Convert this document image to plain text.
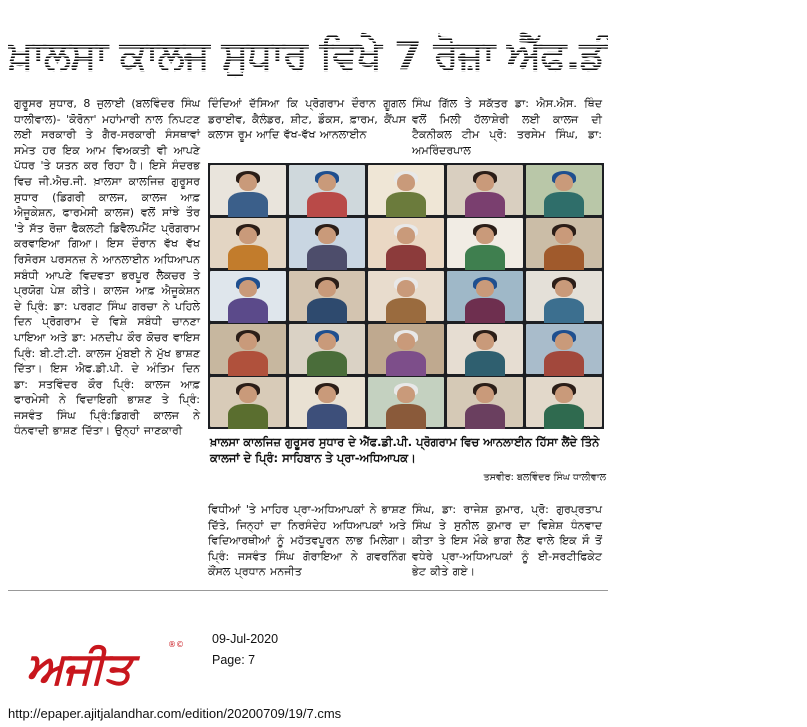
ਖ਼ਾਲਸਾ ਕਾਲਜ ਸੁਧਾਰ ਵਿਖੇ 7 ਰੋਜ਼ਾ ਐੱਫ.ਡੀ.ਪੀ. ਸਮਾਪਤ
ਗੁਰੂਸਰ ਸੁਧਾਰ, 8 ਜੁਲਾਈ (ਬਲਵਿੰਦਰ ਸਿੰਘ ਧਾਲੀਵਾਲ)- 'ਕੋਰੋਨਾ' ਮਹਾਂਮਾਰੀ ਨਾਲ ਨਿਪਟਣ ਲਈ ਸਰਕਾਰੀ ਤੇ ਗੈਰ-ਸਰਕਾਰੀ ਸੰਸਥਾਵਾਂ ਸਮੇਤ ਹਰ ਇਕ ਆਮ ਵਿਅਕਤੀ ਵੀ ਆਪਣੇ ਪੱਧਰ 'ਤੇ ਯਤਨ ਕਰ ਰਿਹਾ ਹੈ। ਇਸੇ ਸੰਦਰਭ ਵਿਚ ਜੀ.ਐਚ.ਜੀ. ਖ਼ਾਲਸਾ ਕਾਲਜਿਜ਼ ਗੁਰੂਸਰ ਸੁਧਾਰ (ਡਿਗਰੀ ਕਾਲਜ, ਕਾਲਜ ਆਫ਼ ਐਜੂਕੇਸ਼ਨ, ਫਾਰਮੇਸੀ ਕਾਲਜ) ਵਲੋਂ ਸਾਂਝੇ ਤੌਰ 'ਤੇ ਸੱਤ ਰੋਜ਼ਾ ਫੈਕਲਟੀ ਡਿਵੈਲਪਮੈਂਟ ਪ੍ਰੋਗਰਾਮ ਕਰਵਾਇਆ ਗਿਆ। ਇਸ ਦੌਰਾਨ ਵੱਖ ਵੱਖ ਰਿਸੋਰਸ ਪਰਸਨਜ਼ ਨੇ ਆਨਲਾਈਨ ਅਧਿਆਪਨ ਸਬੰਧੀ ਆਪਣੇ ਵਿਦਵਤਾ ਭਰਪੂਰ ਲੈਕਚਰ ਤੇ ਪ੍ਰਯੋਗ ਪੇਸ਼ ਕੀਤੇ। ਕਾਲਜ ਆਫ਼ ਐਜੂਕੇਸ਼ਨ ਦੇ ਪ੍ਰਿੰ: ਡਾ: ਪਰਗਟ ਸਿੰਘ ਗਰਚਾ ਨੇ ਪਹਿਲੇ ਦਿਨ ਪ੍ਰੋਗਰਾਮ ਦੇ ਵਿਸ਼ੇ ਸਬੰਧੀ ਚਾਨਣਾ ਪਾਇਆ ਅਤੇ ਡਾ: ਮਨਦੀਪ ਕੌਰ ਕੋਚਰ ਵਾਇਸ ਪ੍ਰਿੰ: ਬੀ.ਟੀ.ਟੀ. ਕਾਲਜ ਮੁੰਬਈ ਨੇ ਮੁੱਖ ਭਾਸ਼ਣ ਦਿੱਤਾ। ਇਸ ਐਫ.ਡੀ.ਪੀ. ਦੇ ਅੰਤਿਮ ਦਿਨ ਡਾ: ਸਤਵਿੰਦਰ ਕੌਰ ਪ੍ਰਿੰ: ਕਾਲਜ ਆਫ਼ ਫਾਰਮੇਸੀ ਨੇ ਵਿਦਾਇਗੀ ਭਾਸ਼ਣ ਤੇ ਪ੍ਰਿੰ: ਜਸਵੰਤ ਸਿੰਘ ਪ੍ਰਿੰ:ਡਿਗਰੀ ਕਾਲਜ ਨੇ ਧੰਨਵਾਦੀ ਭਾਸ਼ਣ ਦਿੱਤਾ। ਉਨ੍ਹਾਂ ਜਾਣਕਾਰੀ
ਦਿੰਦਿਆਂ ਦੱਸਿਆ ਕਿ ਪ੍ਰੋਗਰਾਮ ਦੌਰਾਨ ਗੂਗਲ ਡਰਾਈਵ, ਕੈਲੰਡਰ, ਸ਼ੀਟ, ਡੌਕਸ, ਫ਼ਾਰਮ, ਕੈਂਪਸ ਕਲਾਸ ਰੂਮ ਆਦਿ ਵੱਖ-ਵੱਖ ਆਨਲਾਈਨ
ਸਿੰਘ ਗਿੱਲ ਤੇ ਸਕੱਤਰ ਡਾ: ਐਸ.ਐਸ. ਥਿੰਦ ਵਲੋਂ ਮਿਲੀ ਹੱਲਾਸ਼ੇਰੀ ਲਈ ਕਾਲਜ ਦੀ ਟੈਕਨੀਕਲ ਟੀਮ ਪ੍ਰੋ: ਤਰਸੇਮ ਸਿੰਘ, ਡਾ: ਅਮਰਿੰਦਰਪਾਲ
ਖ਼ਾਲਸਾ ਕਾਲਜਿਜ਼ ਗੁਰੂਸਰ ਸੁਧਾਰ ਦੇ ਐੱਫ.ਡੀ.ਪੀ. ਪ੍ਰੋਗਰਾਮ ਵਿਚ ਆਨਲਾਈਨ ਹਿੱਸਾ ਲੈਂਦੇ ਤਿੰਨੇ ਕਾਲਜਾਂ ਦੇ ਪ੍ਰਿੰ: ਸਾਹਿਬਾਨ ਤੇ ਪ੍ਰਾ-ਅਧਿਆਪਕ।
ਤਸਵੀਰ: ਬਲਵਿੰਦਰ ਸਿੰਘ ਧਾਲੀਵਾਲ
ਵਿਧੀਆਂ 'ਤੇ ਮਾਹਿਰ ਪ੍ਰਾ-ਅਧਿਆਪਕਾਂ ਨੇ ਭਾਸ਼ਣ ਦਿੱਤੇ, ਜਿਨ੍ਹਾਂ ਦਾ ਨਿਰਸੰਦੇਹ ਅਧਿਆਪਕਾਂ ਅਤੇ ਵਿਦਿਆਰਥੀਆਂ ਨੂੰ ਮਹੱਤਵਪੂਰਨ ਲਾਭ ਮਿਲੇਗਾ। ਪ੍ਰਿੰ: ਜਸਵੰਤ ਸਿੰਘ ਗੋਰਾਇਆ ਨੇ ਗਵਰਨਿੰਗ ਕੌਂਸਲ ਪ੍ਰਧਾਨ ਮਨਜੀਤ
ਸਿੰਘ, ਡਾ: ਰਾਜੇਸ਼ ਕੁਮਾਰ, ਪ੍ਰੋ: ਗੁਰਪ੍ਰਤਾਪ ਸਿੰਘ ਤੇ ਸੁਨੀਲ ਕੁਮਾਰ ਦਾ ਵਿਸ਼ੇਸ਼ ਧੰਨਵਾਦ ਕੀਤਾ ਤੇ ਇਸ ਮੌਕੇ ਭਾਗ ਲੈਣ ਵਾਲੇ ਇਕ ਸੌ ਤੋਂ ਵਧੇਰੇ ਪ੍ਰਾ-ਅਧਿਆਪਕਾਂ ਨੂੰ ਈ-ਸਰਟੀਫਿਕੇਟ ਭੇਟ ਕੀਤੇ ਗਏ।
ਅਜੀਤ	®© 09-Jul-2020
Page: 7
http://epaper.ajitjalandhar.com/edition/20200709/19/7.cms
